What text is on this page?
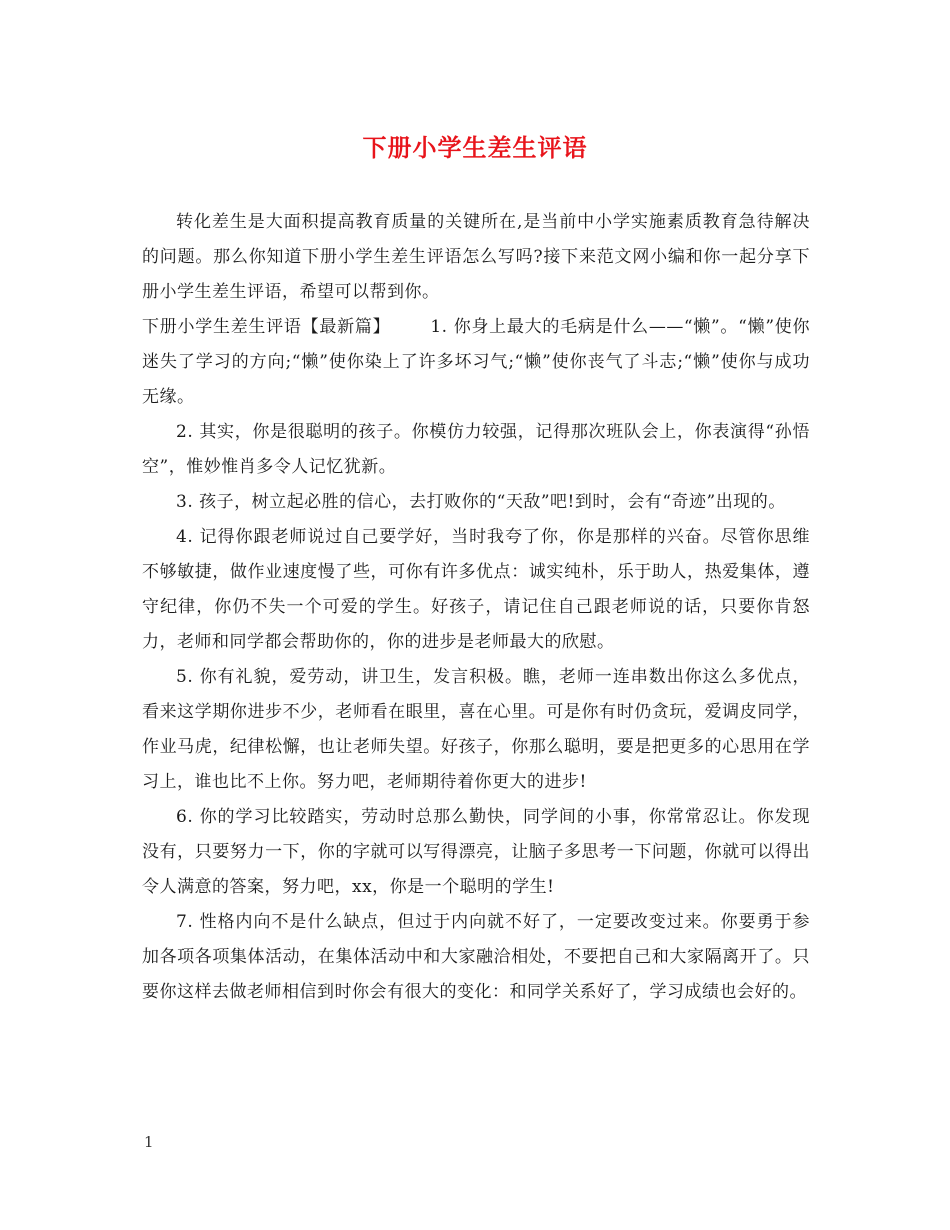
下册小学生差生评语

转化差生是大面积提高教育质量的关键所在,是当前中小学实施素质教育急待解决的问题。那么你知道下册小学生差生评语怎么写吗?接下来范文网小编和你一起分享下册小学生差生评语，希望可以帮到你。

下册小学生差生评语【最新篇】 1. 你身上最大的毛病是什么——“懒”。“懒”使你迷失了学习的方向;“懒”使你染上了许多坏习气;“懒”使你丧气了斗志;“懒”使你与成功无缘。

2. 其实，你是很聪明的孩子。你模仿力较强，记得那次班队会上，你表演得“孙悟空”，惟妙惟肖多令人记忆犹新。

3. 孩子，树立起必胜的信心，去打败你的“天敌”吧!到时，会有“奇迹”出现的。

4. 记得你跟老师说过自己要学好，当时我夸了你，你是那样的兴奋。尽管你思维不够敏捷，做作业速度慢了些，可你有许多优点：诚实纯朴，乐于助人，热爱集体，遵守纪律，你仍不失一个可爱的学生。好孩子，请记住自己跟老师说的话，只要你肯怒力，老师和同学都会帮助你的，你的进步是老师最大的欣慰。

5. 你有礼貌，爱劳动，讲卫生，发言积极。瞧，老师一连串数出你这么多优点，看来这学期你进步不少，老师看在眼里，喜在心里。可是你有时仍贪玩，爱调皮同学，作业马虎，纪律松懈，也让老师失望。好孩子，你那么聪明，要是把更多的心思用在学习上，谁也比不上你。努力吧，老师期待着你更大的进步!

6. 你的学习比较踏实，劳动时总那么勤快，同学间的小事，你常常忍让。你发现没有，只要努力一下，你的字就可以写得漂亮，让脑子多思考一下问题，你就可以得出令人满意的答案，努力吧，xx，你是一个聪明的学生!

7. 性格内向不是什么缺点，但过于内向就不好了，一定要改变过来。你要勇于参加各项各项集体活动，在集体活动中和大家融洽相处，不要把自己和大家隔离开了。只要你这样去做老师相信到时你会有很大的变化：和同学关系好了，学习成绩也会好的。

1
